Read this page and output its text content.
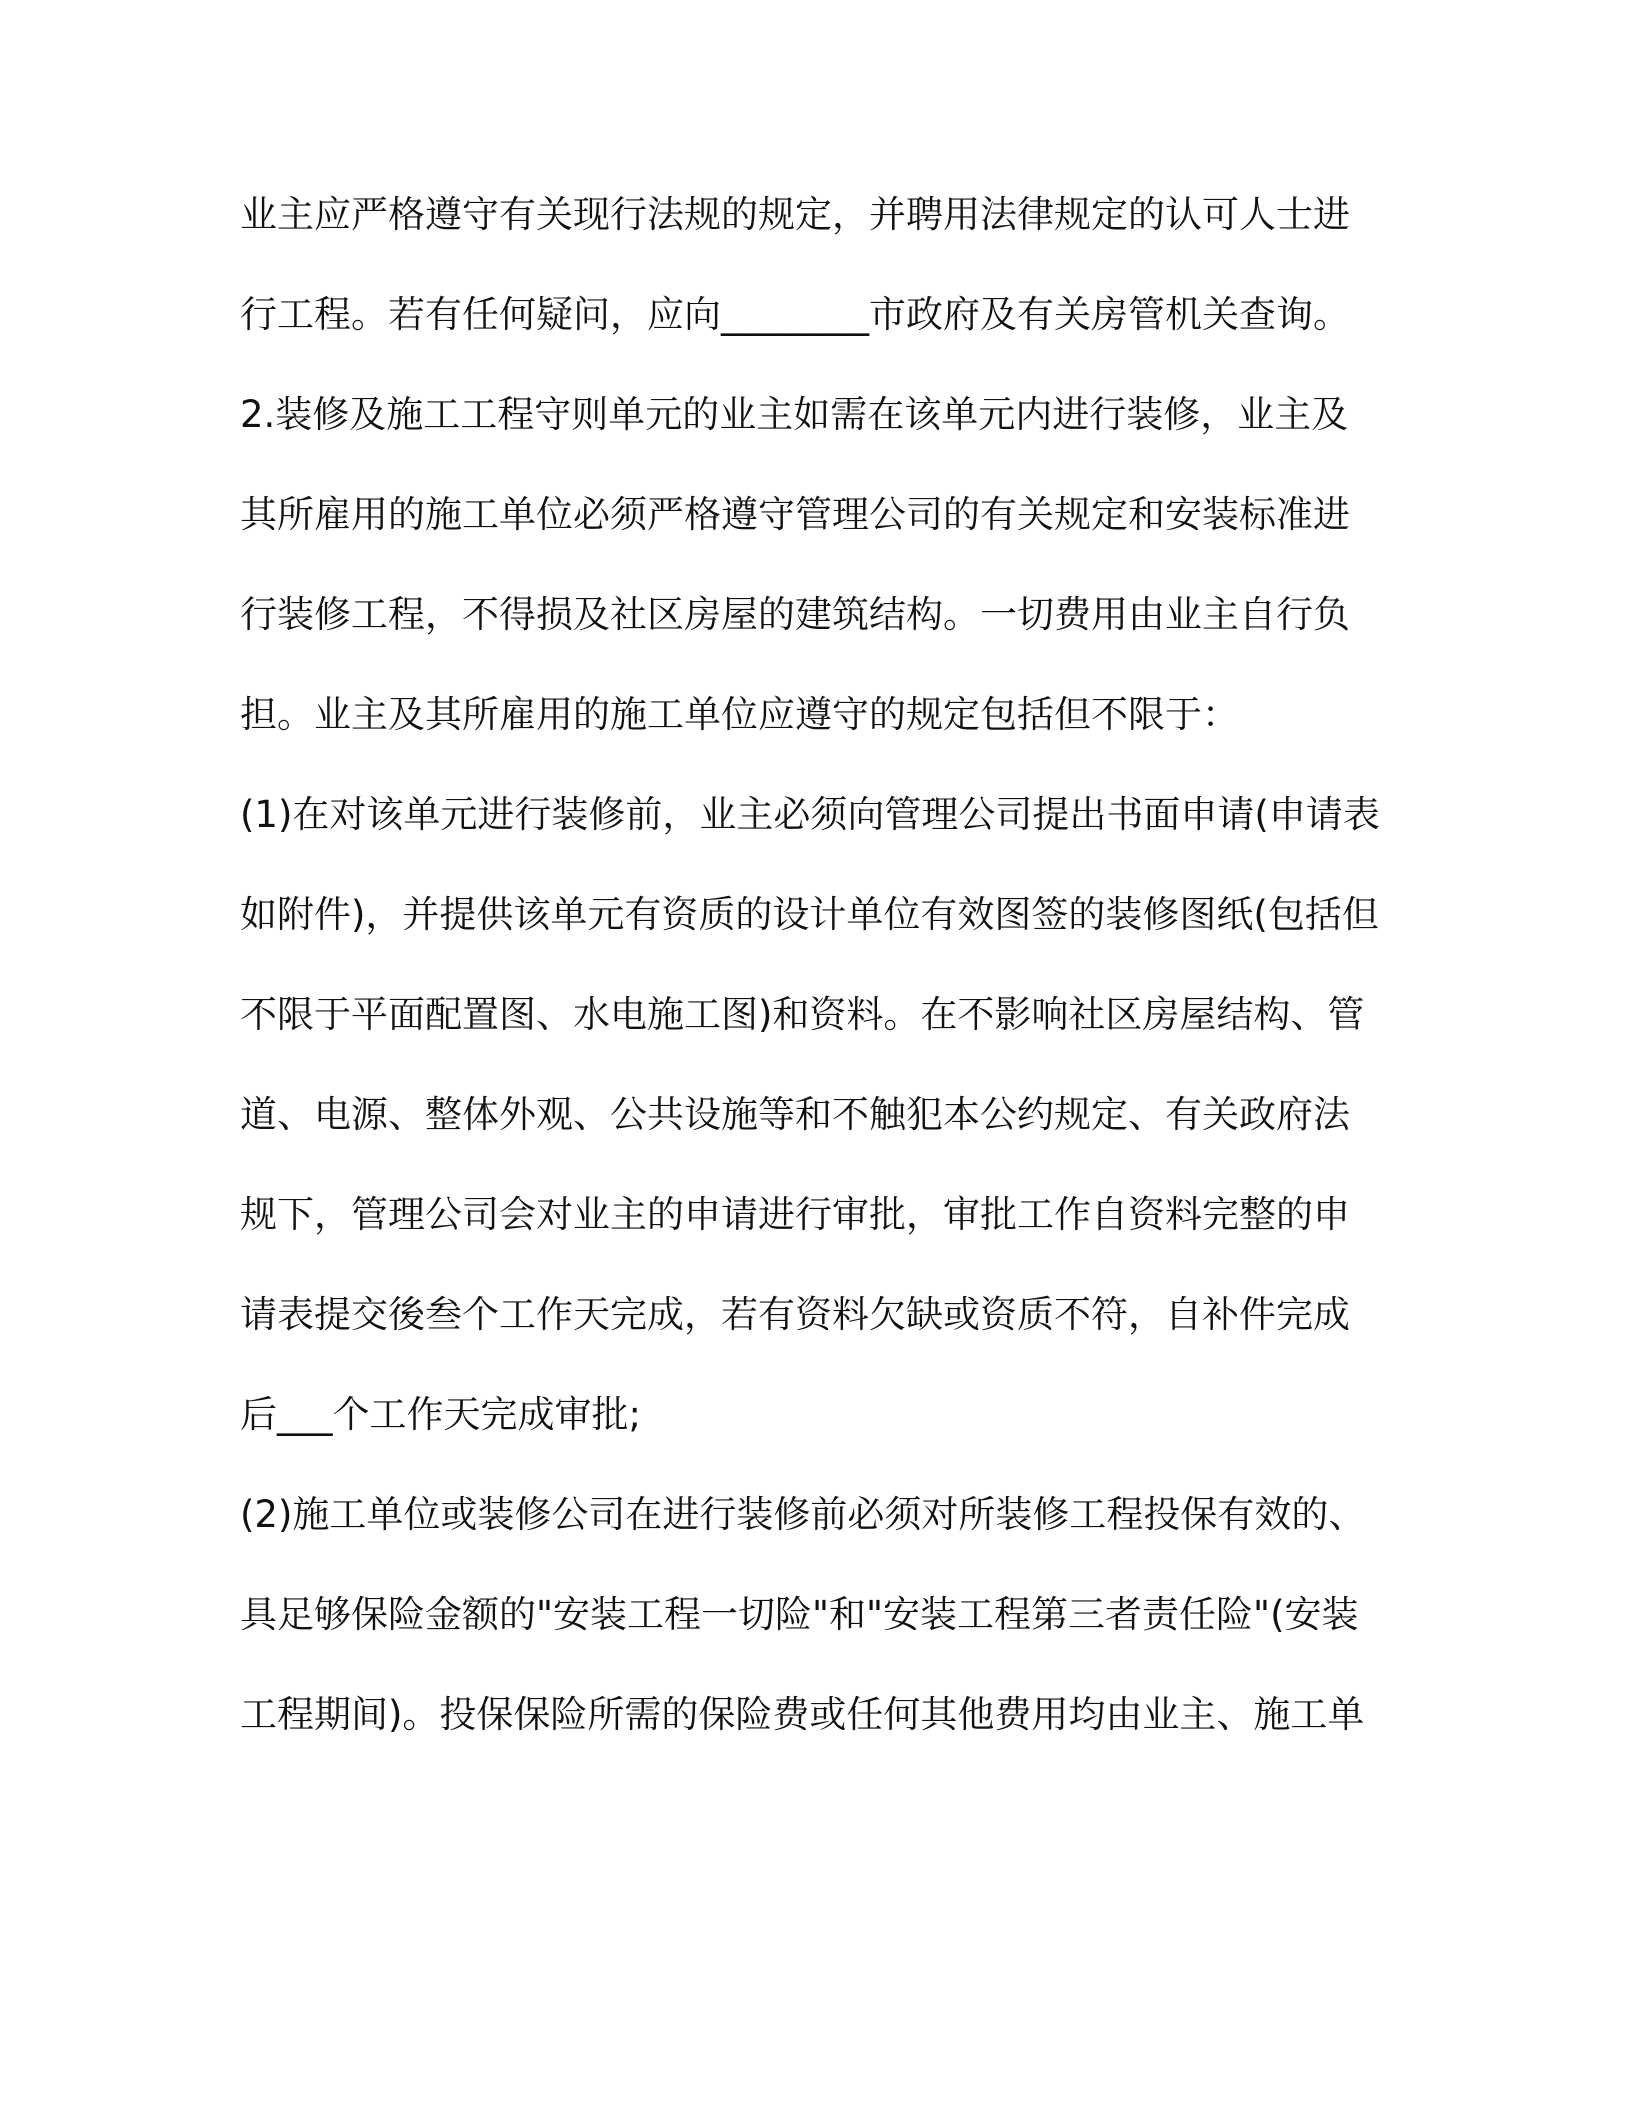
业主应严格遵守有关现行法规的规定，并聘用法律规定的认可人士进

行工程。若有任何疑问，应向________市政府及有关房管机关查询。

2.装修及施工工程守则单元的业主如需在该单元内进行装修，业主及

其所雇用的施工单位必须严格遵守管理公司的有关规定和安装标准进

行装修工程，不得损及社区房屋的建筑结构。一切费用由业主自行负

担。业主及其所雇用的施工单位应遵守的规定包括但不限于：

(1)在对该单元进行装修前，业主必须向管理公司提出书面申请(申请表

如附件)，并提供该单元有资质的设计单位有效图签的装修图纸(包括但

不限于平面配置图、水电施工图)和资料。在不影响社区房屋结构、管

道、电源、整体外观、公共设施等和不触犯本公约规定、有关政府法

规下，管理公司会对业主的申请进行审批，审批工作自资料完整的申

请表提交後叁个工作天完成，若有资料欠缺或资质不符，自补件完成

后___个工作天完成审批;

(2)施工单位或装修公司在进行装修前必须对所装修工程投保有效的、

具足够保险金额的"安装工程一切险"和"安装工程第三者责任险"(安装

工程期间)。投保保险所需的保险费或任何其他费用均由业主、施工单
